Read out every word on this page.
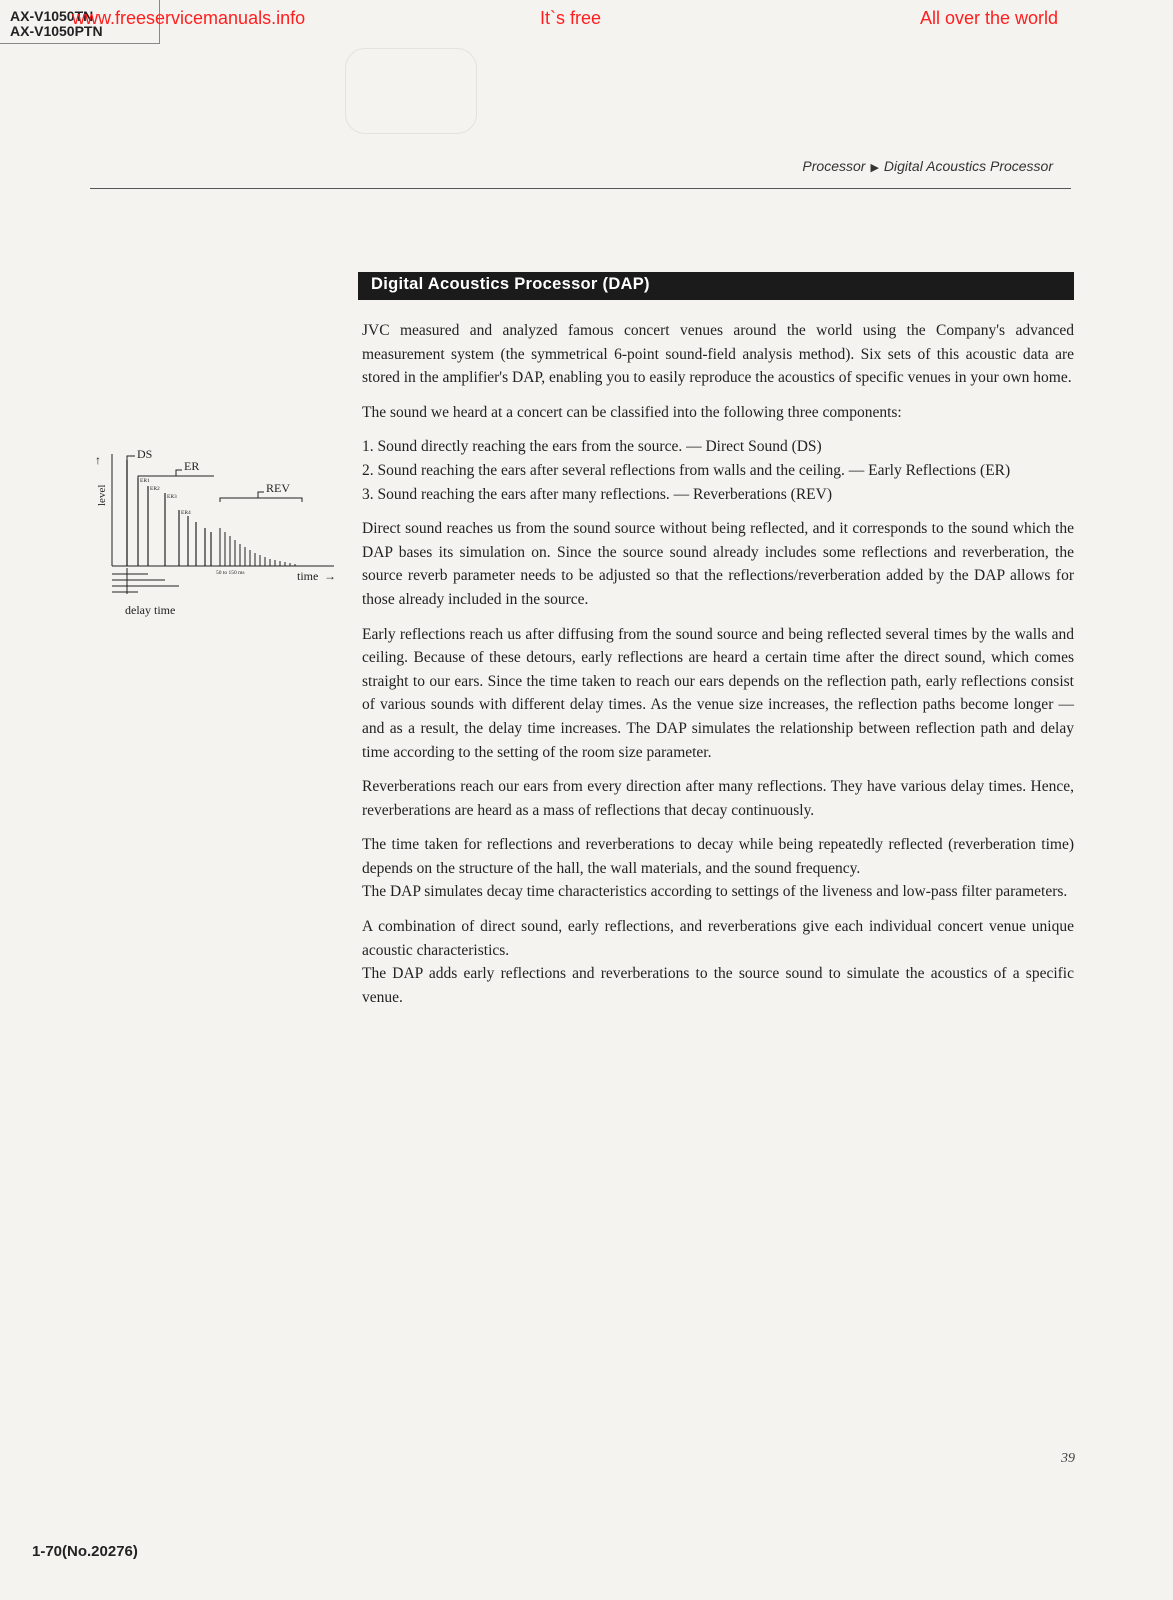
AX-V1050TN
AX-V1050PTN
www.freeservicemanuals.info	It`s free	All over the world
Processor ▶ Digital Acoustics Processor
Digital Acoustics Processor (DAP)
↑
level
DS
ER1
ER2
ER3
ER4
ER
REV
50 to 150 ms	time →
delay time

JVC measured and analyzed famous concert venues around the world using the Company's advanced measurement system (the symmetrical 6-point sound-field analysis method). Six sets of this acoustic data are stored in the amplifier's DAP, enabling you to easily reproduce the acoustics of specific venues in your own home.

The sound we heard at a concert can be classified into the following three components:

1. Sound directly reaching the ears from the source. — Direct Sound (DS)
2. Sound reaching the ears after several reflections from walls and the ceiling. — Early Reflections (ER)
3. Sound reaching the ears after many reflections. — Reverberations (REV)

Direct sound reaches us from the sound source without being reflected, and it corresponds to the sound which the DAP bases its simulation on. Since the source sound already includes some reflections and reverberation, the source reverb parameter needs to be adjusted so that the reflections/reverberation added by the DAP allows for those already included in the source.

Early reflections reach us after diffusing from the sound source and being reflected several times by the walls and ceiling. Because of these detours, early reflections are heard a certain time after the direct sound, which comes straight to our ears. Since the time taken to reach our ears depends on the reflection path, early reflections consist of various sounds with different delay times. As the venue size increases, the reflection paths become longer — and as a result, the delay time increases. The DAP simulates the relationship between reflection path and delay time according to the setting of the room size parameter.

Reverberations reach our ears from every direction after many reflections. They have various delay times. Hence, reverberations are heard as a mass of reflections that decay continuously.

The time taken for reflections and reverberations to decay while being repeatedly reflected (reverberation time) depends on the structure of the hall, the wall materials, and the sound frequency.

The DAP simulates decay time characteristics according to settings of the liveness and low-pass filter parameters.

A combination of direct sound, early reflections, and reverberations give each individual concert venue unique acoustic characteristics.

The DAP adds early reflections and reverberations to the source sound to simulate the acoustics of a specific venue.

39
1-70(No.20276)
